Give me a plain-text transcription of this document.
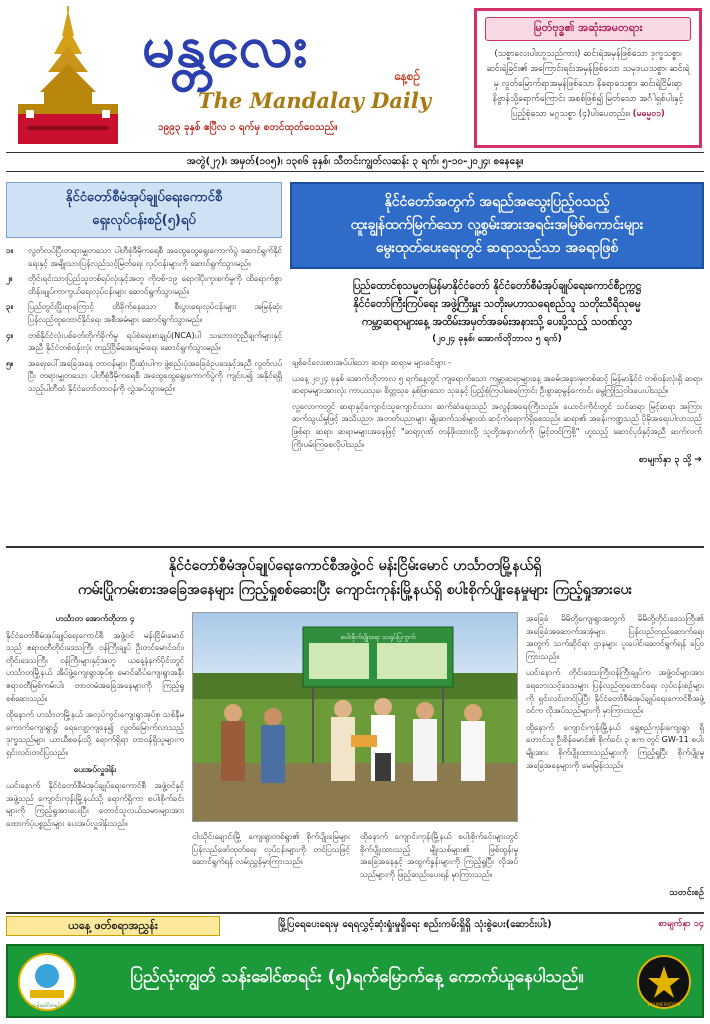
မန္တလေး	နေ့စဉ်
The Mandalay Daily
၁၉၉၃ ခုနှစ် ဧပြီလ ၁ ရက်မှ စတင်ထုတ်ဝေသည်။
မြတ်ဗုဒ္ဓ၏ အဆုံးအမတရား
(သစ္စာလေးပါးဟူသည်ကား) ဆင်းရဲအမှန်ဖြစ်သော ဒုက္ခသစ္စာ၊ ဆင်းရဲခြင်း၏ အကြောင်းရင်းအမှန်ဖြစ်သော သမုဒယသစ္စာ၊ ဆင်းရဲမှ လွတ်မြောက်ရာအမှန်ဖြစ်သော နိရောဓသစ္စာ၊ ဆင်းရဲငြိမ်းရာ နိဗ္ဗာန်သို့ရောက်ကြောင်း အစစ်ဖြစ်၍ မြတ်သော အင်္ဂါရှစ်ပါးနှင့် ပြည့်စုံသော မဂ္ဂသစ္စာ (၄)ပါးပေတည်း။ (မဓမ္မ၀၁)
အတွဲ(၂၇)၊ အမှတ်(၁၀၅)၊ ၁၃၈၆ ခုနှစ်၊ သီတင်းကျွတ်လဆန်း ၃ ရက်၊ ၅-၁၀-၂၀၂၄၊ စနေနေ့။
နိုင်ငံတော်စီမံအုပ်ချုပ်ရေးကောင်စီ
ရှေးလုပ်ငန်းစဉ်(၅)ရပ်
၁။	လွတ်လပ်ပြီးတရားမျှတသော ပါတီစုံဒီမိုကရေစီ အထွေထွေရွေးကောက်ပွဲ ဆောင်ရွက်နိုင်ရေးနှင့် အမျိုးသားပြန်လည်သင့်မြတ်ရေး လုပ်ငန်းများကို ဆောင်ရွက်သွားမည်။
၂။	တိုင်းရင်းသားပြည်သူတစ်ရပ်လုံးနှင့်အတူ ကိုဗစ်-၁၉ ရောဂါပိုးကူးစက်မှုကို ထိရောက်စွာ ထိန်းချုပ်ကာကွယ်ရေးလုပ်ငန်းများ ဆောင်ရွက်သွားမည်။
၃။	ပြည်တွင်းပြိုးရာကြောင့် ထိခိုက်နေသော စီးပွားရေးလုပ်ငန်းများ အမြန်ဆုံး ပြန်လည်ထူထောင်နိုင်ရေး အစီအမံများ ဆောင်ရွက်သွားမည်။
၄။	တစ်နိုင်ငံလုံးပစ်ခတ်တိုက်ခိုက်မှု ရပ်စဲရေးစာချုပ်(NCA)ပါ သဘောတူညီချက်များနှင့်အညီ နိုင်ငံတစ်ဝန်းလုံး တည်ငြိမ်အေးချမ်းရေး ဆောင်ရွက်သွားမည်။
၅။	အရေးပေါ်အခြေအနေ တာဝန်များ ပြီးဆုံးပါက ဖွဲ့စည်းပုံအခြေခံဥပဒေနှင့်အညီ လွတ်လပ်ပြီး တရားမျှတသော ပါတီစုံဒီမိုကရေစီ အထွေထွေရွေးကောက်ပွဲကို ကျင်းပ၍ အနိုင်ရရှိသည့်ပါတီထံ နိုင်ငံတော်တာဝန်ကို လွှဲအပ်သွားမည်။
နိုင်ငံတော်အတွက် အရည်အသွေးပြည့်ဝသည့်
ထူးချွန်ထက်မြက်သော လူ့စွမ်းအားအရင်းအမြစ်ကောင်းများ
မွေးထုတ်ပေးရေးတွင် ဆရာသည်သာ အခရာဖြစ်
ပြည်ထောင်စုသမ္မတမြန်မာနိုင်ငံတော် နိုင်ငံတော်စီမံအုပ်ချုပ်ရေးကောင်စီဥက္ကဋ္ဌ
နိုင်ငံတော်ကြီးကြပ်ရေး အဖွဲ့ကြီးမှူး သတိုးမဟာသရေစည်သူ သတိုးသီရိသုဓမ္မ
ကမ္ဘာ့ဆရာများနေ့ အထိမ်းအမှတ်အခမ်းအနားသို့ ပေးပို့သည့် သဝဏ်လွှာ
(၂၀၂၄ ခုနှစ်၊ အောက်တိုဘာလ ၅ ရက်)

ချစ်ခင်လေးစားအပ်ပါသော ဆရာ၊ ဆရာမ များခင်ဗျား -

ယနေ့ ၂၀၂၄ ခုနှစ် အောက်တိုဘာလ ၅ ရက်နေ့တွင် ကျရောက်သော ကမ္ဘာ့ဆရာများနေ့ အခမ်းအနားမှတစ်ဆင့် မြန်မာနိုင်ငံ တစ်ဝန်းလုံးရှိ ဆရာ၊ ဆရာမများအားလုံး ကာယသုခ၊ စိတ္တသုခ နှစ်ဖြာသော သုခနှင့် ပြည့်စုံကြပါစေကြောင်း ဦးစွာဆုမွန်ကောင်း မွေ့ကြုံသြဝါဒပေးပါသည်။

လူ့လောကတွင် ဆရာနှင့်ကျောင်းသူကျောင်းသား ဆက်ဆံရေးသည် အလွန်အရေးကြီးသည်။ ယောင်းကိုင်းတွင် သင်ဆရာ မြင့်ဆရာ အကြားဆက်သွယ်မှုဖြင့် အသိပညာ၊ အတတ်ပညာများ မျိုးဆက်သစ်များထံ ဆင့်ကဲရောက်ရှိစေသည်။ ဆရာ၏ အခန်းကဏ္ဍသည် ပိုမိုအရေးပါလာသည်ဖြစ်ရာ ဆရာ၊ ဆရာမများအနေဖြင့် "ဆရာ့ဂုဏ် တန်ဖိုးထားလို့ သူတို့အနာဂတ်ကို မြှင့်တင်ကြစို့" ဟူသည့် ဆောင်ပုဒ်နှင့်အညီ ဆက်လက်ကြိုးပမ်းကြစေလိုပါသည်။

စာမျက်နှာ ၃ သို့ ➔
နိုင်ငံတော်စီမံအုပ်ချုပ်ရေးကောင်စီအဖွဲ့ဝင် မန်းငြိမ်းမောင် ဟင်္သာတမြို့နယ်ရှိ
ကမ်းပြိုကမ်းစားအခြေအနေများ ကြည့်ရှုစစ်ဆေးပြီး ကျောင်းကုန်းမြို့နယ်ရှိ စပါးစိုက်ပျိုးနေမှုများ ကြည့်ရှုအားပေး

ဟင်္သာတ အောက်တိုဘာ ၄

နိုင်ငံတော်စီမံအုပ်ချုပ်ရေးကောင်စီ အဖွဲ့ဝင် မန်းငြိမ်းမောင်သည် ဧရာဝတီတိုင်းဒေသကြီး ဝန်ကြီးချုပ် ဦးတင်မောင်ဝင်း၊ တိုင်းဒေသကြီး ဝန်ကြီးများနှင့်အတူ ယနေ့နံနက်ပိုင်းတွင် ဟင်္သာတမြို့နယ် အိပ်ဖွဲ့ကျေးရွာအုပ်စု မောင်ဆိပ်ကျေးရွာအနီး ဧရာဝတီမြစ်ကမ်းပါး တာတမံအခြေအနေများကို ကြည့်ရှုစစ်ဆေးသည်။

ထိုနောက် ဟင်္သာတမြို့နယ် အလုပ်ကွင်းကျေးရွာအုပ်စု သစ်နီမကောက်ကျေးရွာ၌ ရေလျော့ကျနေ၍ လွတ်မြောက်လာသည့် ဒုက္ခသည်များ ယာယီစခန်းသို့ ရောက်ရှိရာ တာဝန်ရှိသူများက ရှင်းလင်းတင်ပြသည်။

ပေးအပ်လှူဒါန်း

ယင်းနောက် နိုင်ငံတော်စီမံအုပ်ချုပ်ရေးကောင်စီ အဖွဲ့ဝင်နှင့် အဖွဲ့သည် ကျောင်းကုန်းမြို့နယ်သို့ ရောက်ရှိကာ စပါးစိုက်ခင်းများကို ကြည့်ရှုအားပေးပြီး တောင်သူလယ်သမားများအား ထောက်ပံ့ပစ္စည်းများ ပေးအပ်လှူဒါန်းသည်။

စပါးစိုက်ပျိုးရေး သရုပ်ပြကွက်

ငါးသိုင်းချောင်းမြို့ ကျေးရွာတစ်ရွာ၏ စိုက်ပျိုးမြေများ ပြန်လည်ဖော်ထုတ်ရေး လုပ်ငန်းများကို တင်ပြသဖြင့် ဆောင်ရွက်ရန် လမ်းညွှန်မှာကြားသည်။

ထိုနောက် ကျောင်းကုန်းမြို့နယ် စပါးစိုက်ခင်းများတွင် စိုက်ပျိုးထားသည့် မျိုးသစ်များ၏ ဖြစ်ထွန်းမှုအခြေအနေနှင့် အထွက်နှုန်းများကို ကြည့်ရှုပြီး လိုအပ်သည်များကို ဖြည့်ဆည်းပေးရန် မှာကြားသည်။

အခြေခံ မိမိတို့ကျေးရွာအတွက် မိမိတို့တိုင်းဒေသကြီး၏ အခြေခံအဆောက်အအုံများ ပြန်လည်တည်ဆောက်ရေးအတွက် သက်ဆိုင်ရာ ဌာနများ ပူးပေါင်းဆောင်ရွက်ရန် ပြောကြားသည်။

ယင်းနောက် တိုင်းဒေသကြီးဝန်ကြီးချုပ်က အဖွဲ့ဝင်များအား ရေဘေးသင့်ဒေသများ ပြန်လည်ထူထောင်ရေး လုပ်ငန်းစဉ်များကို ရှင်းလင်းတင်ပြပြီး နိုင်ငံတော်စီမံအုပ်ချုပ်ရေးကောင်စီအဖွဲ့ဝင်က လိုအပ်သည်များကို မှာကြားသည်။

ထို့နောက် ကျောင်းကုန်းမြို့နယ် ရွှေစည်ကုန်းကျေးရွာ ရှိ တောင်သူ ဦးစိန်မောင်၏ စိုက်ခင်း ၃ ဧက တွင် GW-11 စပါးမျိုးအား စိုက်ပျိုးထားသည်များကို ကြည့်ရှုပြီး စိုက်ပျိုးမှုအခြေအနေများကို မေးမြန်းသည်။

သတင်းစဉ်
ယနေ့ ဖတ်စရာအညွှန်း	မြို့ပြရေပေးရေးမှ ရေရလွှင့်ဆုံးရှုံးမှုရှိရေး စည်းကမ်းရှိရှိ သုံးစွဲပေး(ဆောင်းပါး)	စာမျက်နှာ ၁၄
သန်းခေါင်စာရင်း
ပြည်လုံးကျွတ် သန်းခေါင်စာရင်း (၅)ရက်မြောက်နေ့ ကောက်ယူနေပါသည်။
ENUMERATION
